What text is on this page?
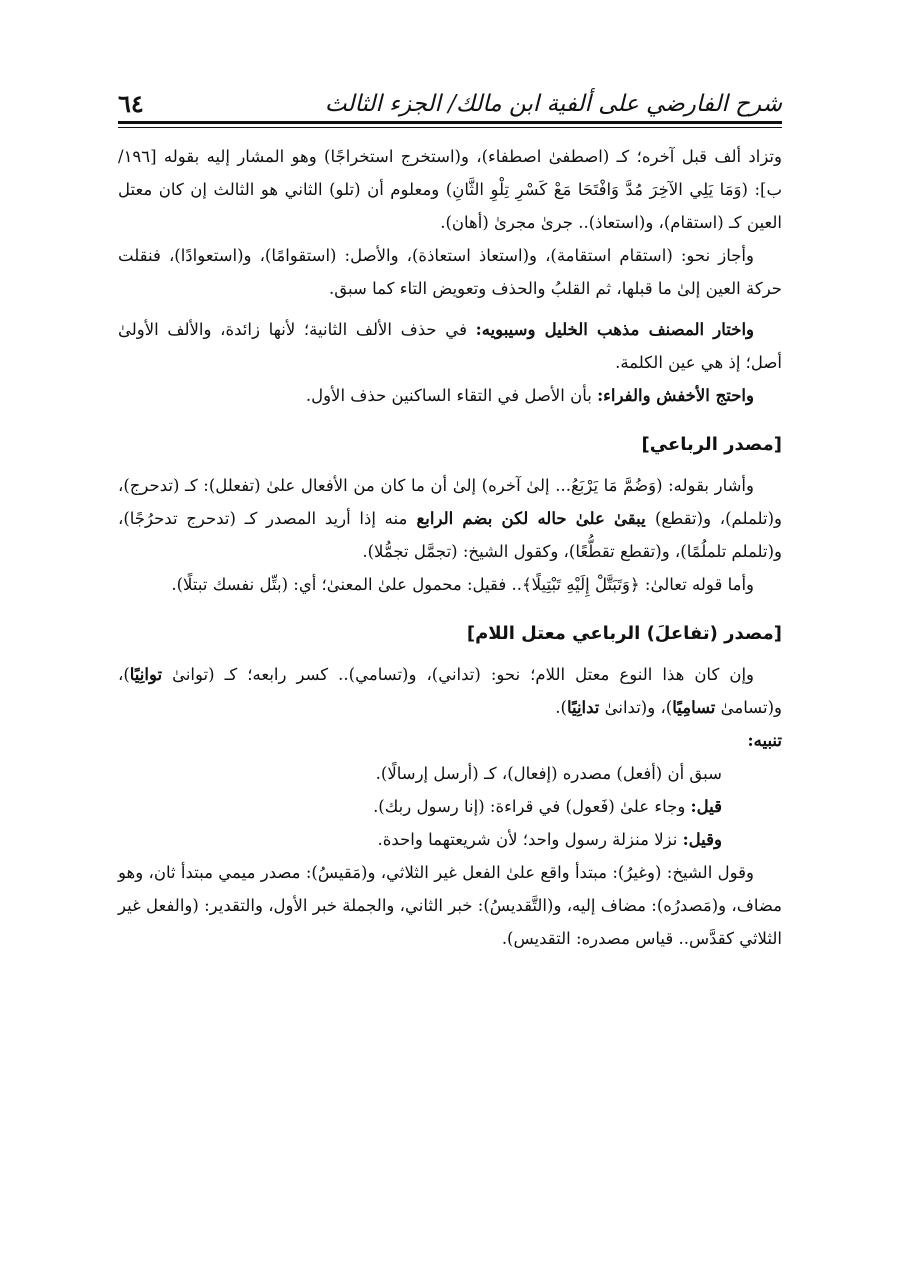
شرح الفارضي على ألفية ابن مالك/ الجزء الثالث
٦٤

وتزاد ألف قبل آخره؛ كـ (اصطفىٰ اصطفاء)، و(استخرج استخراجًا) وهو المشار إليه بقوله [١٩٦/ ب]: (وَمَا يَلِي الآخِرَ مُدَّ وَافْتَحَا مَعْ كَسْرِ تِلْوِ الثَّانِ) ومعلوم أن (تلو) الثاني هو الثالث إن كان معتل العين كـ (استقام)، و(استعاذ).. جرىٰ مجرىٰ (أهان).

وأجاز نحو: (استقام استقامة)، و(استعاذ استعاذة)، والأصل: (استقوامًا)، و(استعوادًا)، فنقلت حركة العين إلىٰ ما قبلها، ثم القلبُ والحذف وتعويض التاء كما سبق.

واختار المصنف مذهب الخليل وسيبويه: في حذف الألف الثانية؛ لأنها زائدة، والألف الأولىٰ أصل؛ إذ هي عين الكلمة.

واحتج الأخفش والفراء: بأن الأصل في التقاء الساكنين حذف الأول.

[مصدر الرباعي]

وأشار بقوله: (وَضُمَّ مَا يَرْبَعُ... إلىٰ آخره) إلىٰ أن ما كان من الأفعال علىٰ (تفعلل): كـ (تدحرج)، و(تلملم)، و(تقطع) يبقىٰ علىٰ حاله لكن بضم الرابع منه إذا أريد المصدر كـ (تدحرج تدحرُجًا)، و(تلملم تلملُمًا)، و(تقطع تقطُّعًا)، وكقول الشيخ: (تجمَّل تجمُّلا).

وأما قوله تعالىٰ: ﴿وَتَبَتَّلْ إِلَيْهِ تَبْتِيلًا﴾.. فقيل: محمول علىٰ المعنىٰ؛ أي: (بتِّل نفسك تبتلًا).

[مصدر (تفاعلَ) الرباعي معتل اللام]

وإن كان هذا النوع معتل اللام؛ نحو: (تداني)، و(تسامي).. كسر رابعه؛ كـ (توانىٰ توانِيًا)، و(تسامىٰ تسامِيًا)، و(تدانىٰ تدانِيًا).

تنبيه:

سبق أن (أفعل) مصدره (إفعال)، كـ (أرسل إرسالًا).

قيل: وجاء علىٰ (فَعول) في قراءة: (إنا رسول ربك).

وقيل: نزلا منزلة رسول واحد؛ لأن شريعتهما واحدة.

وقول الشيخ: (وغيرُ): مبتدأ واقع علىٰ الفعل غير الثلاثي، و(مَقيسُ): مصدر ميمي مبتدأ ثان، وهو مضاف، و(مَصدرُه): مضاف إليه، و(التَّقديسُ): خبر الثاني، والجملة خبر الأول، والتقدير: (والفعل غير الثلاثي كقدَّس.. قياس مصدره: التقديس).
